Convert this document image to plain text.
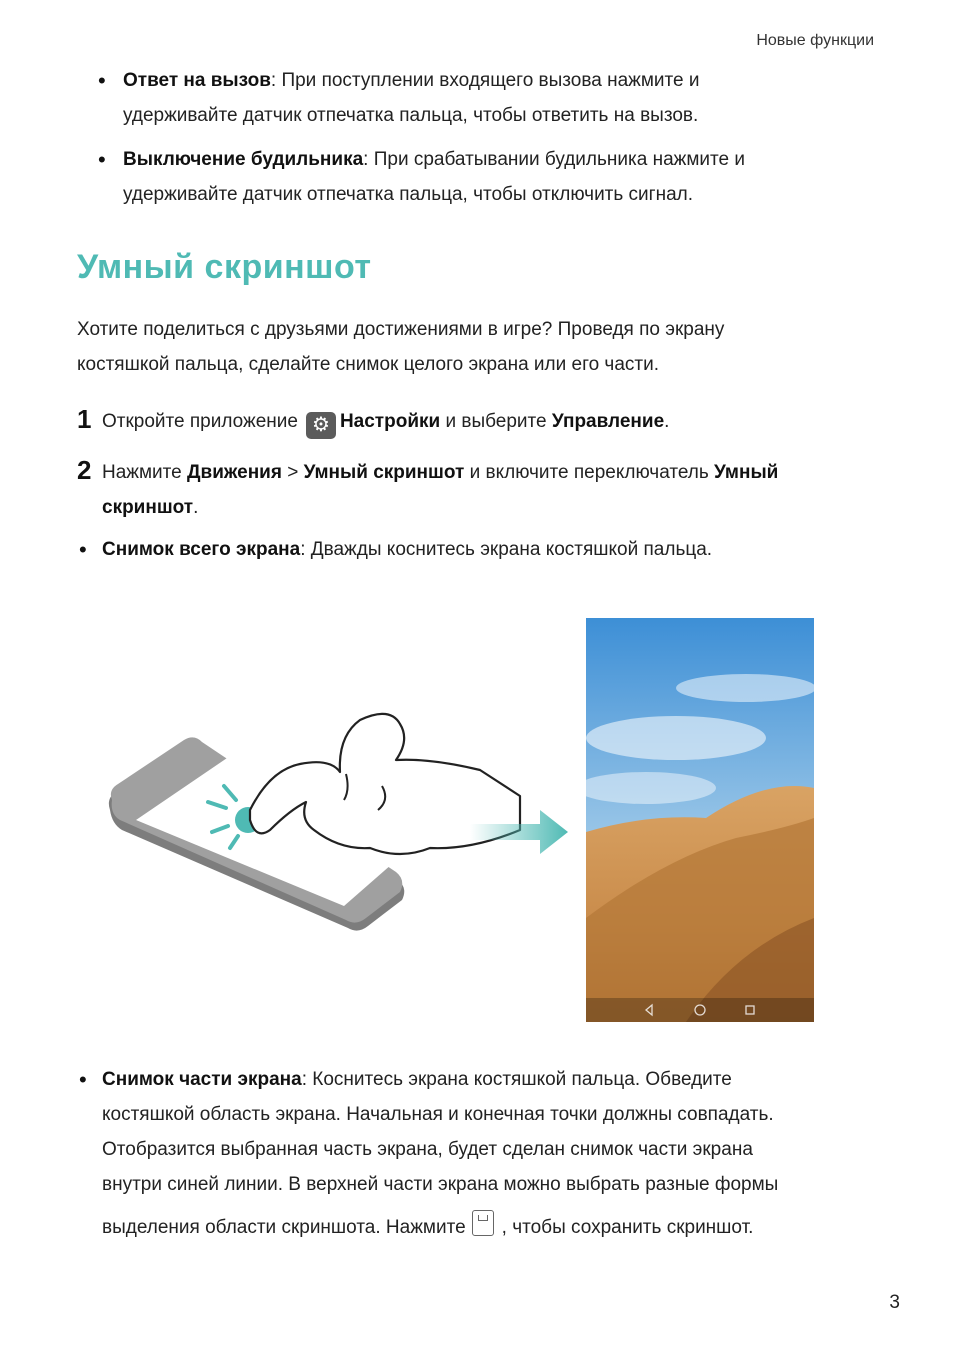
Новые функции
• Ответ на вызов: При поступлении входящего вызова нажмите и
удерживайте датчик отпечатка пальца, чтобы ответить на вызов.
• Выключение будильника: При срабатывании будильника нажмите и
удерживайте датчик отпечатка пальца, чтобы отключить сигнал.
Умный скриншот
Хотите поделиться с друзьями достижениями в игре? Проведя по экрану
костяшкой пальца, сделайте снимок целого экрана или его части.
1 Откройте приложение ⚙ Настройки и выберите Управление.
2 Нажмите Движения > Умный скриншот и включите переключатель Умный
скриншот.
• Снимок всего экрана: Дважды коснитесь экрана костяшкой пальца.
• Снимок части экрана: Коснитесь экрана костяшкой пальца. Обведите
костяшкой область экрана. Начальная и конечная точки должны совпадать.
Отобразится выбранная часть экрана, будет сделан снимок части экрана
внутри синей линии. В верхней части экрана можно выбрать разные формы
выделения области скриншота. Нажмите , чтобы сохранить скриншот.
3
